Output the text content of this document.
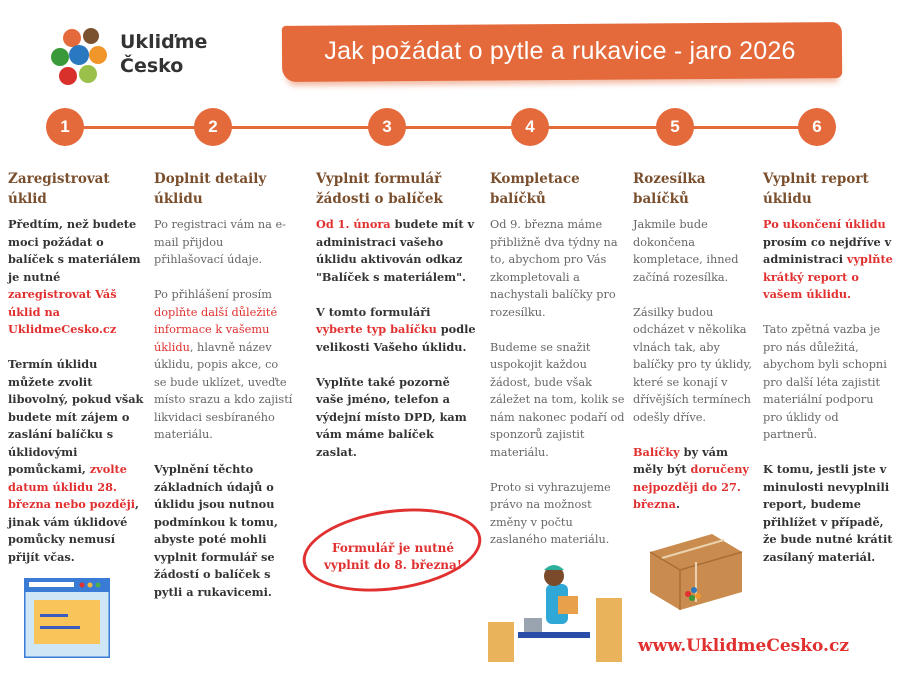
Ukliďme
Česko
Jak požádat o pytle a rukavice - jaro 2026
1	2	3	4	5	6
Zaregistrovat úklid

Předtím, než budete moci požádat o balíček s materiálem je nutné zaregistrovat Váš úklid na UklidmeCesko.cz

Termín úklidu můžete zvolit libovolný, pokud však budete mít zájem o zaslání balíčku s úklidovými pomůckami, zvolte datum úklidu 28. března nebo později, jinak vám úklidové pomůcky nemusí přijít včas.

Doplnit detaily úklidu

Po registraci vám na e-mail přijdou přihlašovací údaje.

Po přihlášení prosím doplňte další důležité informace k vašemu úklidu, hlavně název úklidu, popis akce, co se bude uklízet, uveďte místo srazu a kdo zajistí likvidaci sesbíraného materiálu.

Vyplnění těchto základních údajů o úklidu jsou nutnou podmínkou k tomu, abyste poté mohli vyplnit formulář se žádostí o balíček s pytli a rukavicemi.

Vyplnit formulář žádosti o balíček

Od 1. února budete mít v administraci vašeho úklidu aktivován odkaz "Balíček s materiálem".

V tomto formuláři vyberte typ balíčku podle velikosti Vašeho úklidu.

Vyplňte také pozorně vaše jméno, telefon a výdejní místo DPD, kam vám máme balíček zaslat.

Kompletace balíčků

Od 9. března máme přibližně dva týdny na to, abychom pro Vás zkompletovali a nachystali balíčky pro rozesílku.

Budeme se snažit uspokojit každou žádost, bude však záležet na tom, kolik se nám nakonec podaří od sponzorů zajistit materiálu.

Proto si vyhrazujeme právo na možnost změny v počtu zaslaného materiálu.

Rozesílka balíčků

Jakmile bude dokončena kompletace, ihned začíná rozesílka.

Zásilky budou odcházet v několika vlnách tak, aby balíčky pro ty úklidy, které se konají v dřívějších termínech odešly dříve.

Balíčky by vám měly být doručeny nejpozději do 27. března.

Vyplnit report úklidu

Po ukončení úklidu prosím co nejdříve v administraci vyplňte krátký report o vašem úklidu.

Tato zpětná vazba je pro nás důležitá, abychom byli schopni pro další léta zajistit materiální podporu pro úklidy od partnerů.

K tomu, jestli jste v minulosti nevyplnili report, budeme přihlížet v případě, že bude nutné krátit zasílaný materiál.

Formulář je nutné vyplnit do 8. března!
www.UklidmeCesko.cz
